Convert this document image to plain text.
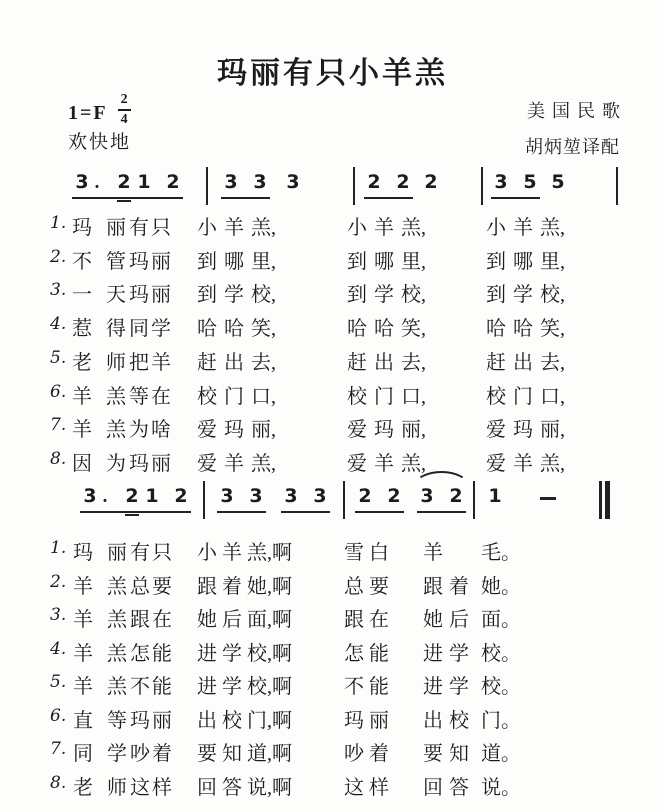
玛丽有只小羊羔
$1=F \frac{2}{4}$
欢快地
美国民歌
胡炳堃译配
3 . 2 1 2 3 3 3	2 2 2	3 5 5
3 . 2 1 2 3 3 3 3 2 2 3 2 1
1. 玛 丽 有 只 小 羊 羔,	小 羊 羔,	小 羊 羔,
2. 不 管 玛 丽 到 哪 里,	到 哪 里,	到 哪 里,
3. 一 天 玛 丽 到 学 校,	到 学 校,	到 学 校,
4. 惹 得 同 学 哈 哈 笑,	哈 哈 笑,	哈 哈 笑,
5. 老 师 把 羊 赶 出 去,	赶 出 去,	赶 出 去,
6. 羊 羔 等 在 校 门 口,	校 门 口,	校 门 口,
7. 羊 羔 为 啥 爱 玛 丽,	爱 玛 丽,	爱 玛 丽,
8. 因 为 玛 丽 爱 羊 羔,	爱 羊 羔,	爱 羊 羔,
1. 玛 丽 有 只 小 羊 羔, 啊	雪 白 羊 毛。
2. 羊 羔 总 要 跟 着 她, 啊	总 要 跟 着 她。
3. 羊 羔 跟 在 她 后 面, 啊	跟 在 她 后 面。
4. 羊 羔 怎 能 进 学 校, 啊	怎 能 进 学 校。
5. 羊 羔 不 能 进 学 校, 啊	不 能 进 学 校。
6. 直 等 玛 丽 出 校 门, 啊	玛 丽 出 校 门。
7. 同 学 吵 着 要 知 道, 啊	吵 着 要 知 道。
8. 老 师 这 样 回 答 说, 啊	这 样 回 答 说。
